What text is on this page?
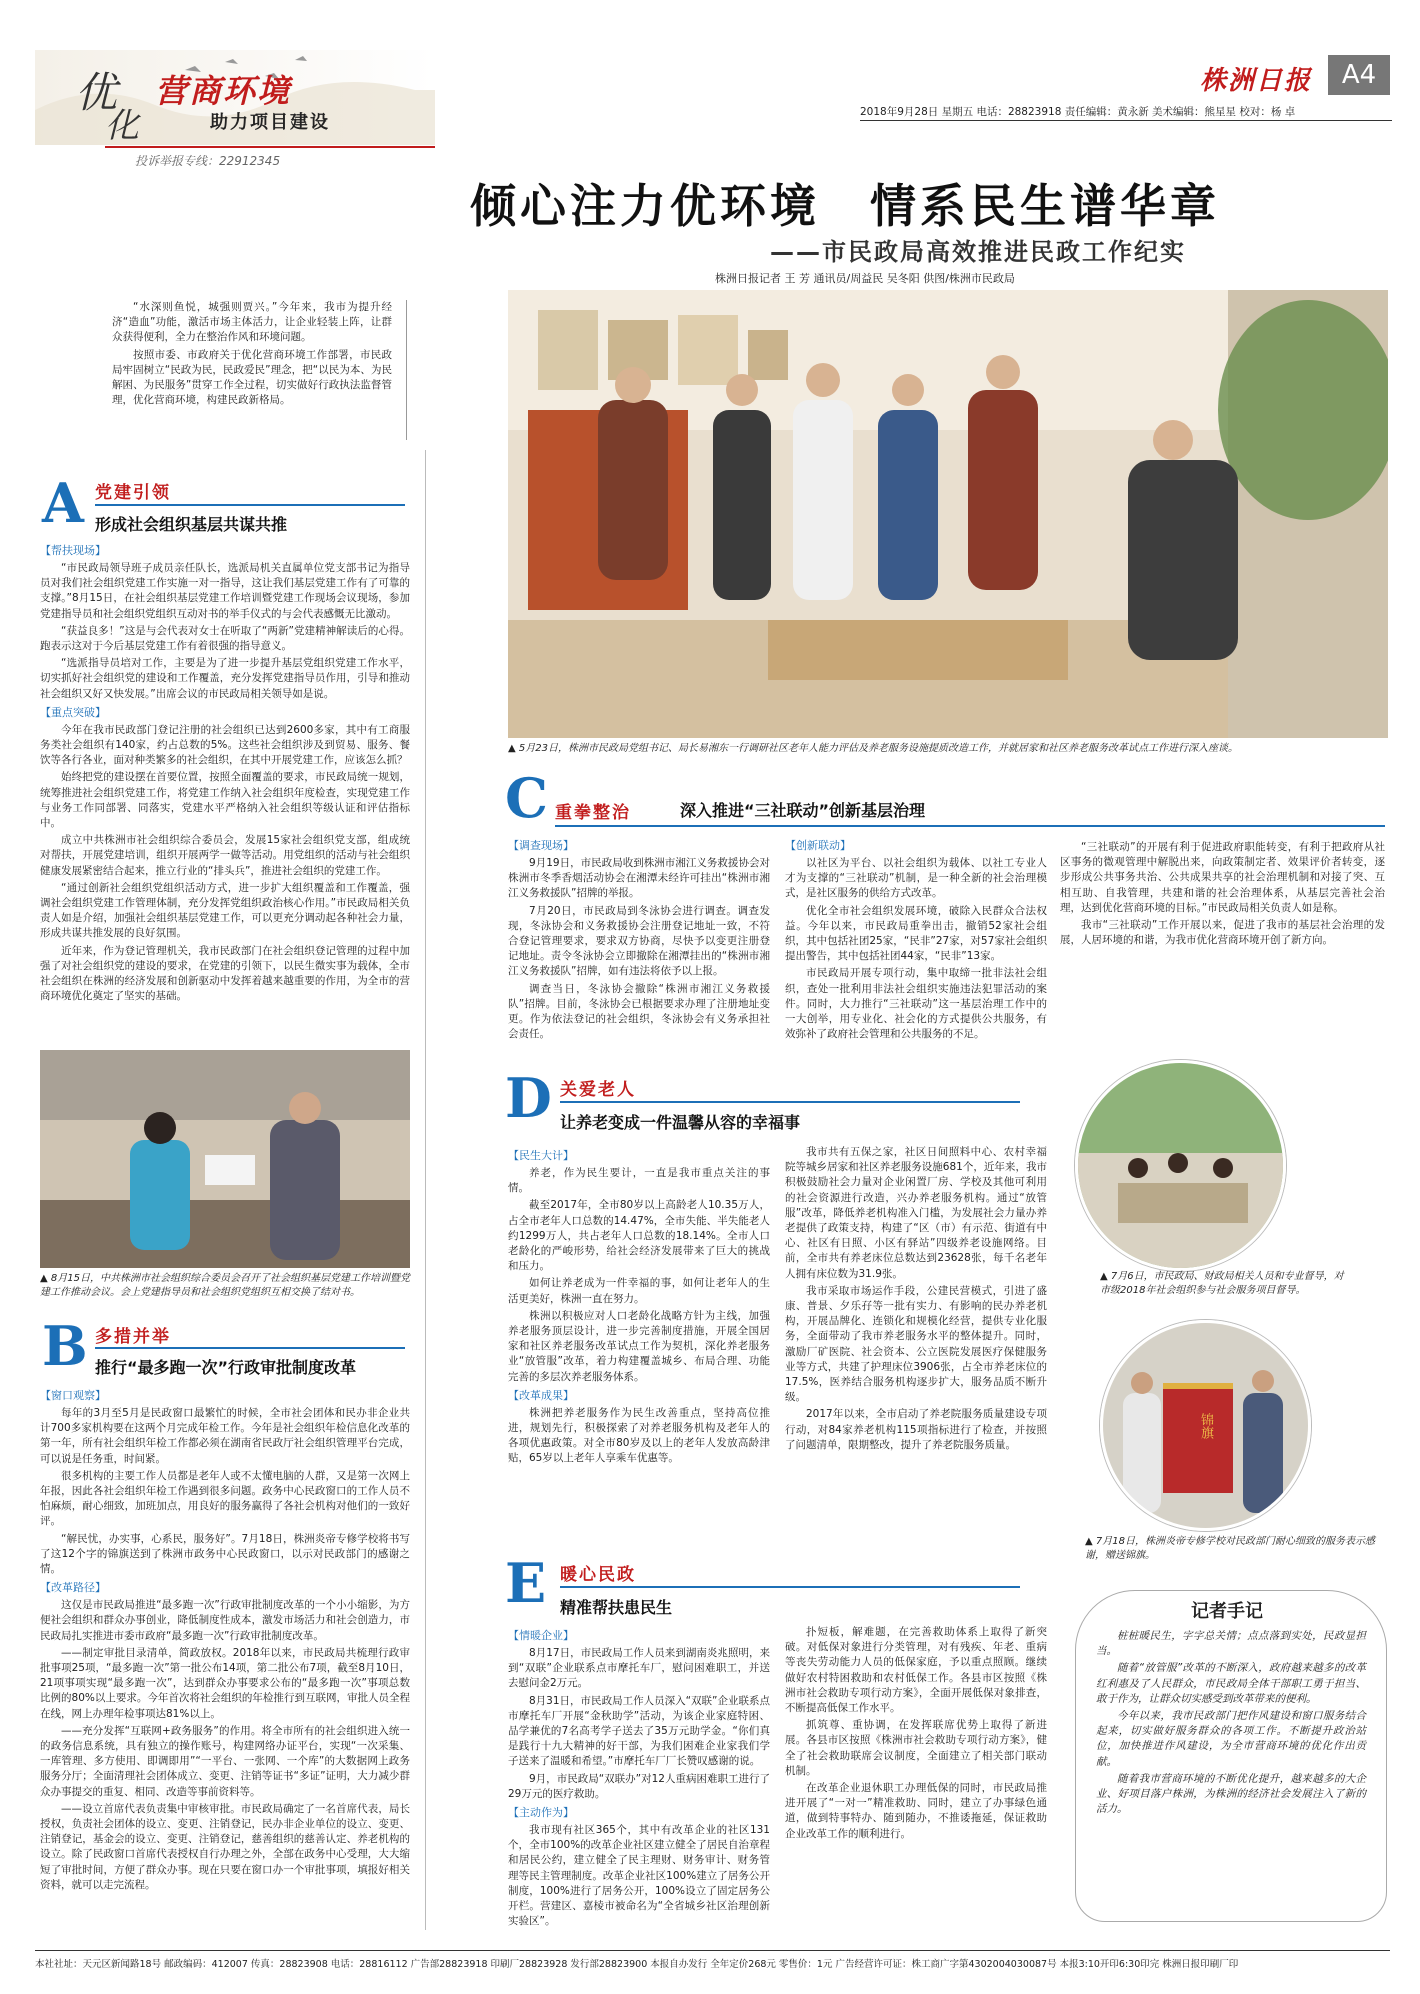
优
化
营商环境
助力项目建设
投诉举报专线：22912345
株洲日报	A4
2018年9月28日 星期五 电话：28823918 责任编辑：黄永新 美术编辑：熊星星 校对：杨 卓
倾心注力优环境　情系民生谱华章
——市民政局高效推进民政工作纪实
株洲日报记者 王 芳 通讯员/周益民 吴冬阳 供图/株洲市民政局

“水深则鱼悦，城强则贾兴。”今年来，我市为提升经济“造血”功能，激活市场主体活力，让企业轻装上阵，让群众获得便利，全力在整治作风和环境问题。

按照市委、市政府关于优化营商环境工作部署，市民政局牢固树立“民政为民，民政爱民”理念，把“以民为本、为民解困、为民服务”贯穿工作全过程，切实做好行政执法监督管理，优化营商环境，构建民政新格局。

▲ 5月23日，株洲市民政局党组书记、局长易湘东一行调研社区老年人能力评估及养老服务设施提质改造工作，并就居家和社区养老服务改革试点工作进行深入座谈。
A 党建引领
形成社会组织基层共谋共推
【帮扶现场】

“市民政局领导班子成员亲任队长，选派局机关直属单位党支部书记为指导员对我们社会组织党建工作实施一对一指导，这让我们基层党建工作有了可靠的支撑。”8月15日，在社会组织基层党建工作培训暨党建工作现场会议现场，参加党建指导员和社会组织党组织互动对书的举手仪式的与会代表感慨无比激动。

“获益良多！”这是与会代表对女士在听取了“两新”党建精神解读后的心得。跑表示这对于今后基层党建工作有着很强的指导意义。

“选派指导员培对工作，主要是为了进一步提升基层党组织党建工作水平，切实抓好社会组织党的建设和工作覆盖，充分发挥党建指导员作用，引导和推动社会组织又好又快发展。”出席会议的市民政局相关领导如是说。

【重点突破】

今年在我市民政部门登记注册的社会组织已达到2600多家，其中有工商服务类社会组织有140家，约占总数的5%。这些社会组织涉及到贸易、服务、餐饮等各行各业，面对种类繁多的社会组织，在其中开展党建工作，应该怎么抓？

始终把党的建设摆在首要位置，按照全面覆盖的要求，市民政局统一规划，统筹推进社会组织党建工作，将党建工作纳入社会组织年度检查，实现党建工作与业务工作同部署、同落实，党建水平严格纳入社会组织等级认证和评估指标中。

成立中共株洲市社会组织综合委员会，发展15家社会组织党支部，组成统对帮扶，开展党建培训，组织开展两学一做等活动。用党组织的活动与社会组织健康发展紧密结合起来，推立行业的“排头兵”，推进社会组织的党建工作。

“通过创新社会组织党组织活动方式，进一步扩大组织覆盖和工作覆盖，强调社会组织党建工作管理体制，充分发挥党组织政治核心作用。”市民政局相关负责人如是介绍，加强社会组织基层党建工作，可以更充分调动起各种社会力量，形成共谋共推发展的良好氛围。

近年来，作为登记管理机关，我市民政部门在社会组织登记管理的过程中加强了对社会组织党的建设的要求，在党建的引领下，以民生微实事为载体，全市社会组织在株洲的经济发展和创新驱动中发挥着越来越重要的作用，为全市的营商环境优化奠定了坚实的基础。

▲ 8月15日，中共株洲市社会组织综合委员会召开了社会组织基层党建工作培训暨党建工作推动会议。会上党建指导员和社会组织党组织互相交换了结对书。
B 多措并举
推行“最多跑一次”行政审批制度改革
【窗口观察】

每年的3月至5月是民政窗口最繁忙的时候，全市社会团体和民办非企业共计700多家机构要在这两个月完成年检工作。今年是社会组织年检信息化改革的第一年，所有社会组织年检工作都必须在湖南省民政厅社会组织管理平台完成，可以说是任务重，时间紧。

很多机构的主要工作人员都是老年人或不太懂电脑的人群，又是第一次网上年报，因此各社会组织年检工作遇到很多问题。政务中心民政窗口的工作人员不怕麻烦，耐心细致，加班加点，用良好的服务赢得了各社会机构对他们的一致好评。

“解民忧，办实事，心系民，服务好”。7月18日，株洲炎帝专修学校将书写了这12个字的锦旗送到了株洲市政务中心民政窗口，以示对民政部门的感谢之情。

【改革路径】

这仅是市民政局推进“最多跑一次”行政审批制度改革的一个小小缩影，为方便社会组织和群众办事创业，降低制度性成本，激发市场活力和社会创造力，市民政局扎实推进市委市政府“最多跑一次”行政审批制度改革。

——制定审批目录清单，简政放权。2018年以来，市民政局共梳理行政审批事项25项，“最多跑一次”第一批公布14项，第二批公布7项，截至8月10日，21项事项实现“最多跑一次”，达到群众办事要求公布的“最多跑一次”事项总数比例的80%以上要求。今年首次将社会组织的年检推行到互联网，审批人员全程在线，网上办理年检事项达81%以上。

——充分发挥“互联网+政务服务”的作用。将全市所有的社会组织进入统一的政务信息系统，具有独立的操作账号，构建网络办证平台，实现“一次采集、一库管理、多方使用、即调即用”“一平台、一张网、一个库”的大数据网上政务服务分厅；全面清理社会团体成立、变更、注销等证书“多证”证明，大力减少群众办事提交的重复、相同、改造等事前资料等。

——设立首席代表负责集中审核审批。市民政局确定了一名首席代表，局长授权，负责社会团体的设立、变更、注销登记，民办非企业单位的设立、变更、注销登记，基金会的设立、变更、注销登记，慈善组织的慈善认定、养老机构的设立。除了民政窗口首席代表授权自行办理之外，全部在政务中心受理，大大缩短了审批时间，方便了群众办事。现在只要在窗口办一个审批事项，填报好相关资料，就可以走完流程。

C 重拳整治	深入推进“三社联动”创新基层治理
【调查现场】

9月19日，市民政局收到株洲市湘江义务救援协会对株洲市冬季香烟活动协会在湘潭未经许可挂出“株洲市湘江义务救援队”招牌的举报。

7月20日，市民政局到冬泳协会进行调查。调查发现，冬泳协会和义务救援协会注册登记地址一致，不符合登记管理要求，要求双方协商，尽快予以变更注册登记地址。责令冬泳协会立即撤除在湘潭挂出的“株洲市湘江义务救援队”招牌，如有违法将依予以上报。

调查当日，冬泳协会撤除“株洲市湘江义务救援队”招牌。目前，冬泳协会已根据要求办理了注册地址变更。作为依法登记的社会组织，冬泳协会有义务承担社会责任。

【创新联动】

以社区为平台、以社会组织为载体、以社工专业人才为支撑的“三社联动”机制，是一种全新的社会治理模式，是社区服务的供给方式改革。

优化全市社会组织发展环境，破除入民群众合法权益。今年以来，市民政局重拳出击，撤销52家社会组织，其中包括社团25家，“民非”27家，对57家社会组织提出警告，其中包括社团44家，“民非”13家。

市民政局开展专项行动，集中取缔一批非法社会组织，查处一批利用非法社会组织实施违法犯罪活动的案件。同时，大力推行“三社联动”这一基层治理工作中的一大创举，用专业化、社会化的方式提供公共服务，有效弥补了政府社会管理和公共服务的不足。

“三社联动”的开展有利于促进政府职能转变，有利于把政府从社区事务的微观管理中解脱出来，向政策制定者、效果评价者转变，逐步形成公共事务共治、公共成果共享的社会治理机制和对接了突、互相互助、自我管理，共建和谐的社会治理体系，从基层完善社会治理，达到优化营商环境的目标。”市民政局相关负责人如是称。

我市“三社联动”工作开展以来，促进了我市的基层社会治理的发展，人居环境的和谐，为我市优化营商环境开创了新方向。

D 关爱老人
让养老变成一件温馨从容的幸福事
【民生大计】

养老，作为民生要计，一直是我市重点关注的事情。

截至2017年，全市80岁以上高龄老人10.35万人，占全市老年人口总数的14.47%，全市失能、半失能老人约1299万人，共占老年人口总数的18.14%。全市人口老龄化的严峻形势，给社会经济发展带来了巨大的挑战和压力。

如何让养老成为一件幸福的事，如何让老年人的生活更美好，株洲一直在努力。

株洲以积极应对人口老龄化战略方针为主线，加强养老服务顶层设计，进一步完善制度措施，开展全国居家和社区养老服务改革试点工作为契机，深化养老服务业“放管服”改革，着力构建覆盖城乡、布局合理、功能完善的多层次养老服务体系。

【改革成果】

株洲把养老服务作为民生改善重点，坚持高位推进，规划先行，积极探索了对养老服务机构及老年人的各项优惠政策。对全市80岁及以上的老年人发放高龄津贴，65岁以上老年人享乘车优惠等。

我市共有五保之家，社区日间照料中心、农村幸福院等城乡居家和社区养老服务设施681个，近年来，我市积极鼓励社会力量对企业闲置厂房、学校及其他可利用的社会资源进行改造，兴办养老服务机构。通过“放管服”改革，降低养老机构准入门槛，为发展社会力量办养老提供了政策支持，构建了“区（市）有示范、街道有中心、社区有日照、小区有驿站”四级养老设施网络。目前，全市共有养老床位总数达到23628张，每千名老年人拥有床位数为31.9张。

我市采取市场运作手段，公建民营模式，引进了盛康、普景、夕乐孖等一批有实力、有影响的民办养老机构，开展品牌化、连锁化和规模化经营，提供专业化服务，全面带动了我市养老服务水平的整体提升。同时，激励厂矿医院、社会资本、公立医院发展医疗保健服务业等方式，共建了护理床位3906张，占全市养老床位的17.5%，医养结合服务机构逐步扩大，服务品质不断升级。

2017年以来，全市启动了养老院服务质量建设专项行动，对84家养老机构115项指标进行了检查，并按照了问题清单，限期整改，提升了养老院服务质量。

E 暖心民政
精准帮扶患民生
【情暖企业】

8月17日，市民政局工作人员来到湖南炎兆照明，来到“双联”企业联系点市摩托车厂，慰问困难职工，并送去慰问金2万元。

8月31日，市民政局工作人员深入“双联”企业联系点市摩托车厂开展“金秋助学”活动，为该企业家庭特困、品学兼优的7名高考学子送去了35万元助学金。“你们真是践行十九大精神的好干部，为我们困难企业家我们学子送来了温暖和希望。”市摩托车厂厂长赞叹感谢的说。

9月，市民政局“双联办”对12人重病困难职工进行了29万元的医疗救助。

【主动作为】

我市现有社区365个，其中有改革企业的社区131个，全市100%的改革企业社区建立健全了居民自治章程和居民公约，建立健全了民主理财、财务审计、财务管理等民主管理制度。改革企业社区100%建立了居务公开制度，100%进行了居务公开，100%设立了固定居务公开栏。营建区、嘉棱市被命名为“全省城乡社区治理创新实验区”。

扑短板，解难题，在完善救助体系上取得了新突破。对低保对象进行分类管理，对有残疾、年老、重病等丧失劳动能力人员的低保家庭，予以重点照顾。继续做好农村特困救助和农村低保工作。各县市区按照《株洲市社会救助专项行动方案》，全面开展低保对象排查，不断提高低保工作水平。

抓筑尊、重协调，在发挥联席优势上取得了新进展。各县市区按照《株洲市社会救助专项行动方案》，健全了社会救助联席会议制度，全面建立了相关部门联动机制。

在改革企业退休职工办理低保的同时，市民政局推进开展了“一对一”精准救助、同时，建立了办事绿色通道，做到特事特办、随到随办，不推诿拖延，保证救助企业改革工作的顺利进行。

▲ 7月6日，市民政局、财政局相关人员和专业督导，对市级2018年社会组织参与社会服务项目督导。
锦旗
▲ 7月18日，株洲炎帝专修学校对民政部门耐心细致的服务表示感谢，赠送锦旗。
记者手记

桩桩暖民生，字字总关情；点点落到实处，民政显担当。

随着“放管服”改革的不断深入，政府越来越多的改革红利惠及了人民群众，市民政局全体干部职工勇于担当、敢于作为，让群众切实感受到改革带来的便利。

今年以来，我市民政部门把作风建设和窗口服务结合起来，切实做好服务群众的各项工作。不断提升政治站位，加快推进作风建设，为全市营商环境的优化作出贡献。

随着我市营商环境的不断优化提升，越来越多的大企业、好项目落户株洲，为株洲的经济社会发展注入了新的活力。

本社社址：天元区新闻路18号 邮政编码：412007 传真：28823908 电话：28816112 广告部28823918 印刷厂28823928 发行部28823900 本报自办发行 全年定价268元 零售价：1元 广告经营许可证：株工商广字第4302004030087号 本报3:10开印6:30印完 株洲日报印刷厂印
